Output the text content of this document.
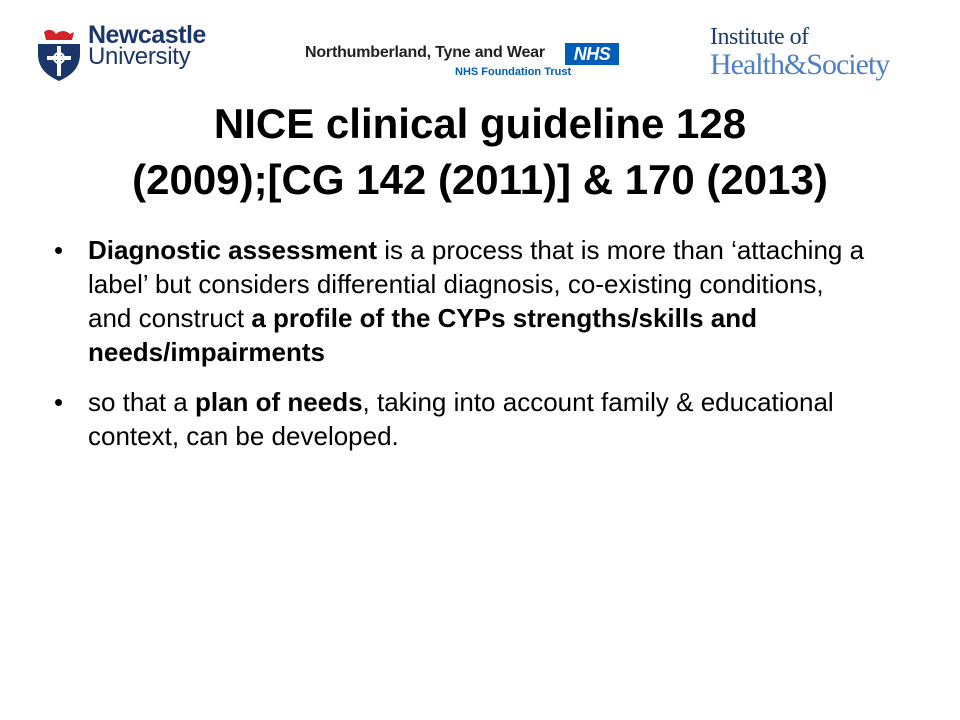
Newcastle
University	Northumberland, Tyne and Wear	NHS
NHS Foundation Trust
Institute of
Health&Society
NICE clinical guideline 128
(2009);[CG 142 (2011)] & 170 (2013)
• Diagnostic assessment is a process that is more than ‘attaching a label’ but considers differential diagnosis, co-existing conditions, and construct a profile of the CYPs strengths/skills and needs/impairments
• so that a plan of needs, taking into account family & educational context, can be developed.
